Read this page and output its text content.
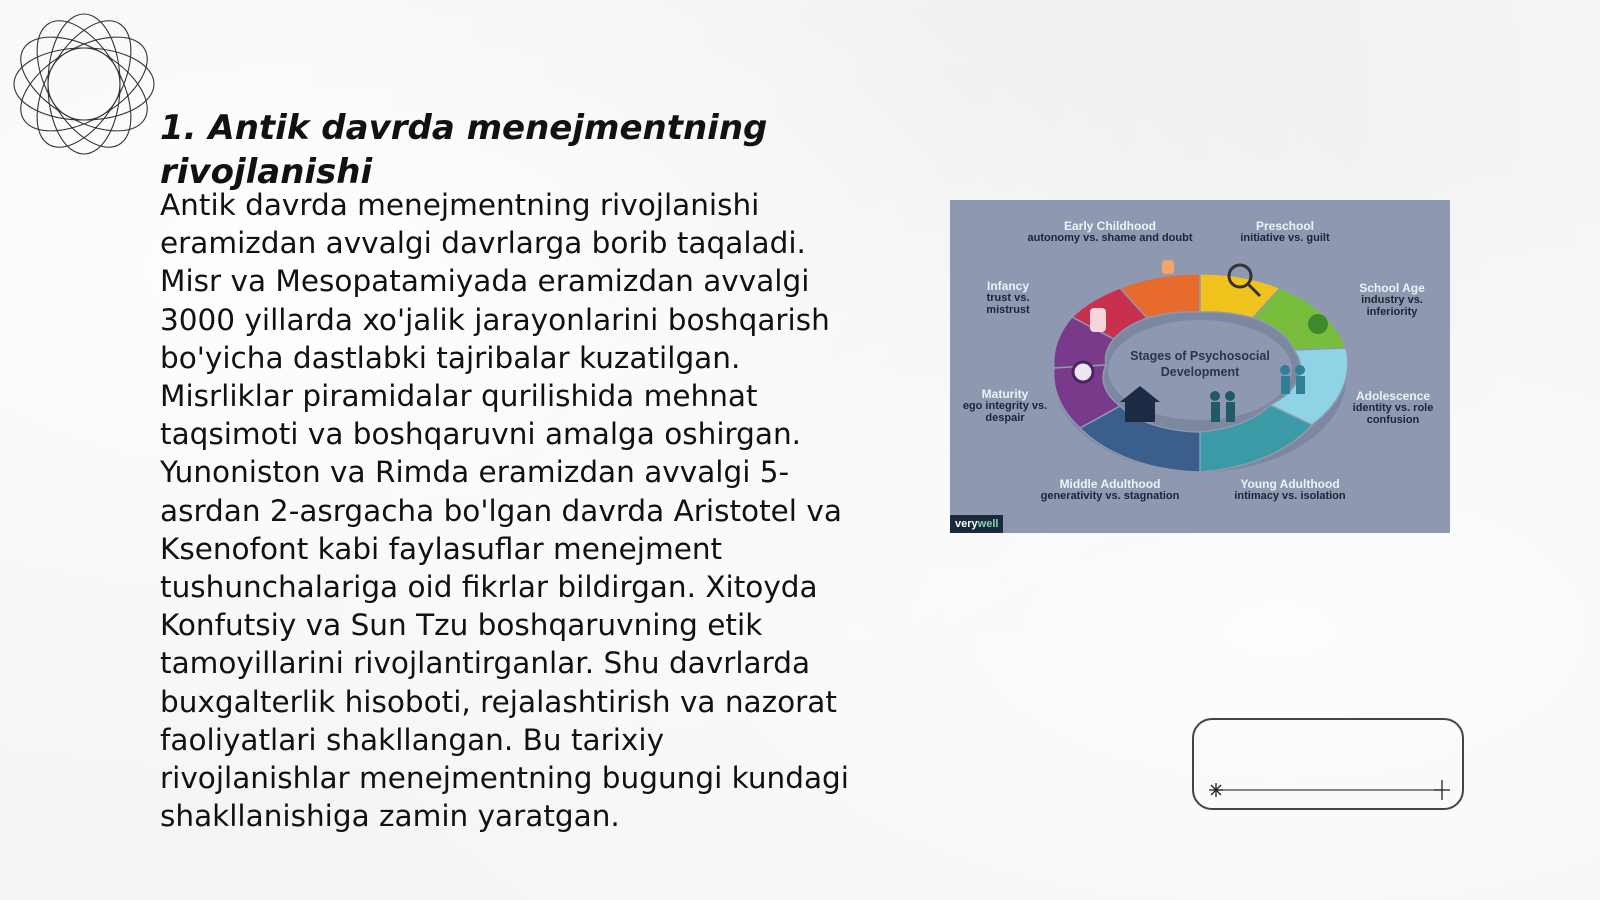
1. Antik davrda menejmentning rivojlanishi

Antik davrda menejmentning rivojlanishi eramizdan avvalgi davrlarga borib taqaladi. Misr va Mesopatamiyada eramizdan avvalgi 3000 yillarda xo'jalik jarayonlarini boshqarish bo'yicha dastlabki tajribalar kuzatilgan. Misrliklar piramidalar qurilishida mehnat taqsimoti va boshqaruvni amalga oshirgan. Yunoniston va Rimda eramizdan avvalgi 5-asrdan 2-asrgacha bo'lgan davrda Aristotel va Ksenofont kabi faylasuflar menejment tushunchalariga oid fikrlar bildirgan. Xitoyda Konfutsiy va Sun Tzu boshqaruvning etik tamoyillarini rivojlantirganlar. Shu davrlarda buxgalterlik hisoboti, rejalashtirish va nazorat faoliyatlari shakllangan. Bu tarixiy rivojlanishlar menejmentning bugungi kundagi shakllanishiga zamin yaratgan.

Stages of Psychosocial Development
Early Childhood
autonomy vs. shame and doubt
Preschool
initiative vs. guilt
Infancy
trust vs. mistrust
School Age
industry vs. inferiority
Maturity
ego integrity vs. despair
Adolescence
identity vs. role confusion
Middle Adulthood
generativity vs. stagnation
Young Adulthood
intimacy vs. isolation
verywell
